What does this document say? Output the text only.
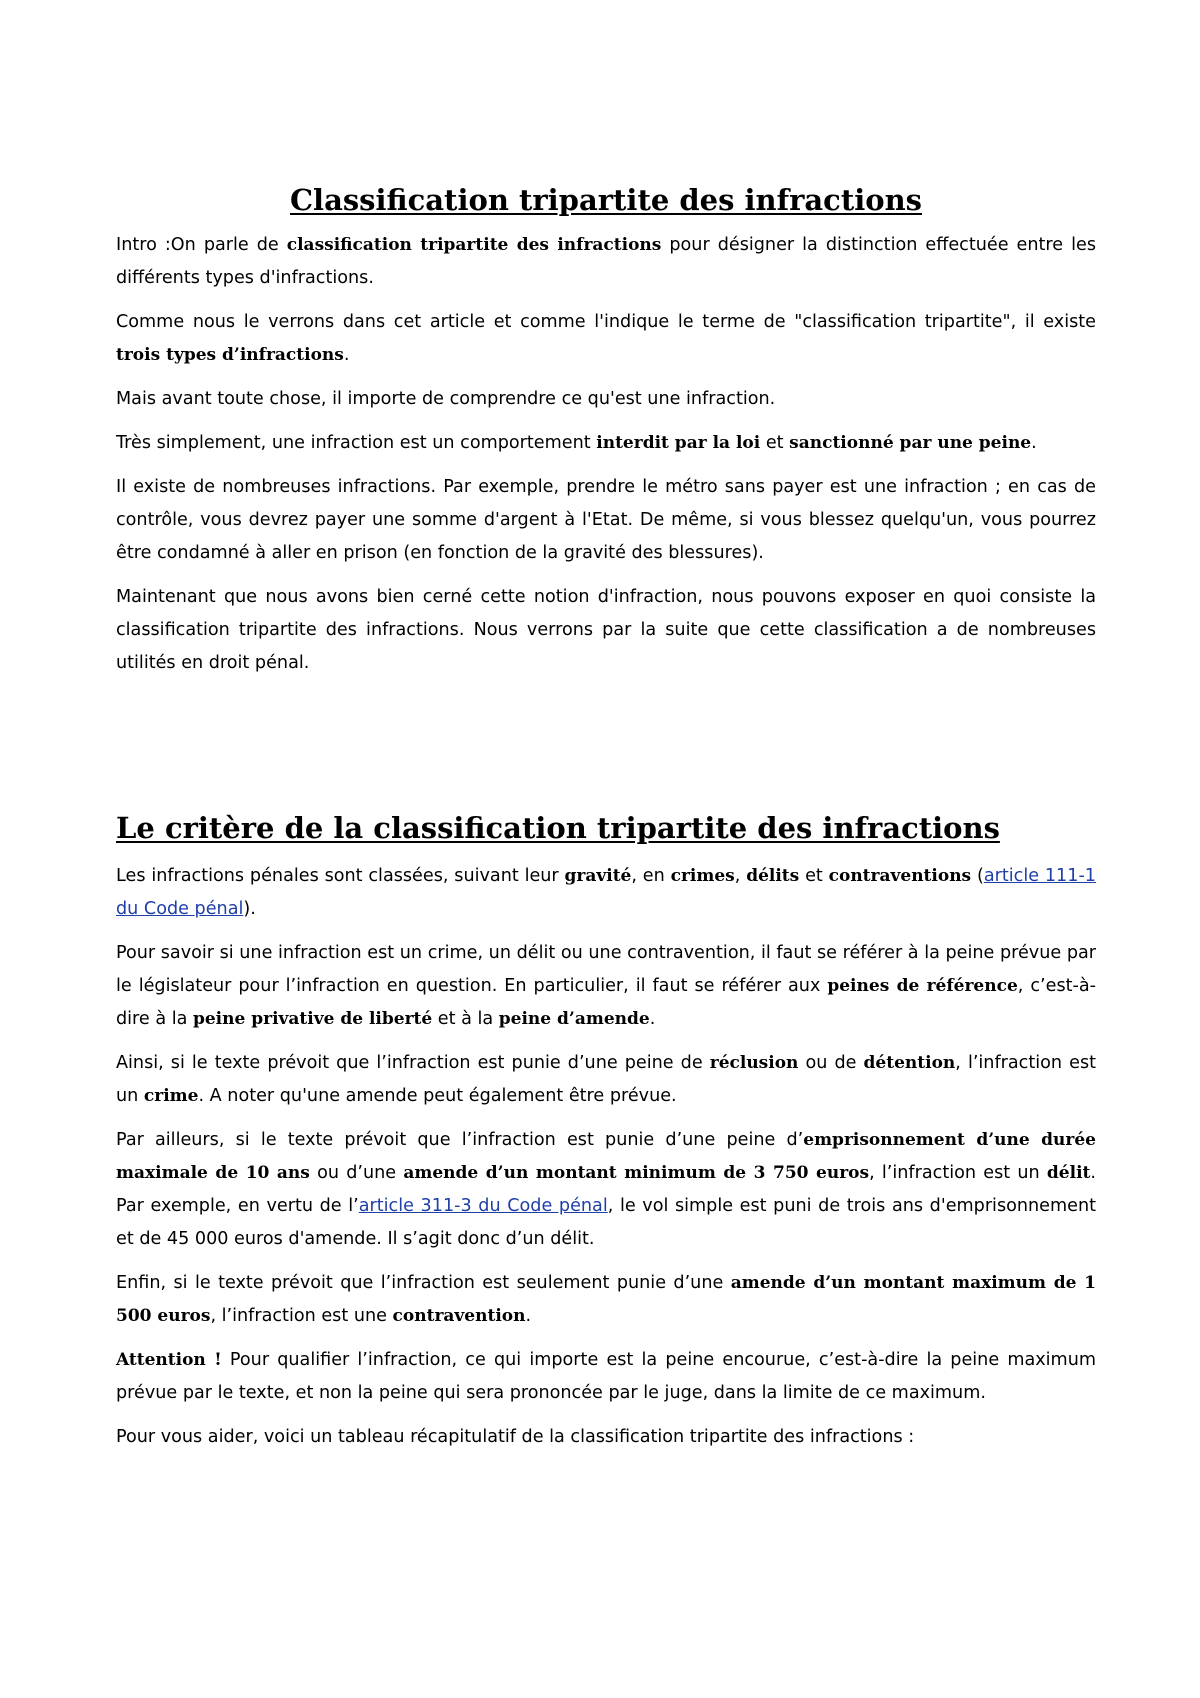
Classification tripartite des infractions

Intro :On parle de classification tripartite des infractions pour désigner la distinction effectuée entre les différents types d'infractions.

Comme nous le verrons dans cet article et comme l'indique le terme de "classification tripartite", il existe trois types d’infractions.

Mais avant toute chose, il importe de comprendre ce qu'est une infraction.

Très simplement, une infraction est un comportement interdit par la loi et sanctionné par une peine.

Il existe de nombreuses infractions. Par exemple, prendre le métro sans payer est une infraction ; en cas de contrôle, vous devrez payer une somme d'argent à l'Etat. De même, si vous blessez quelqu'un, vous pourrez être condamné à aller en prison (en fonction de la gravité des blessures).

Maintenant que nous avons bien cerné cette notion d'infraction, nous pouvons exposer en quoi consiste la classification tripartite des infractions. Nous verrons par la suite que cette classification a de nombreuses utilités en droit pénal.

Le critère de la classification tripartite des infractions

Les infractions pénales sont classées, suivant leur gravité, en crimes, délits et contraventions (article 111-1 du Code pénal).

Pour savoir si une infraction est un crime, un délit ou une contravention, il faut se référer à la peine prévue par le législateur pour l’infraction en question. En particulier, il faut se référer aux peines de référence, c’est-à-dire à la peine privative de liberté et à la peine d’amende.

Ainsi, si le texte prévoit que l’infraction est punie d’une peine de réclusion ou de détention, l’infraction est un crime. A noter qu'une amende peut également être prévue.

Par ailleurs, si le texte prévoit que l’infraction est punie d’une peine d’emprisonnement d’une durée maximale de 10 ans ou d’une amende d’un montant minimum de 3 750 euros, l’infraction est un délit. Par exemple, en vertu de l’article 311-3 du Code pénal, le vol simple est puni de trois ans d'emprisonnement et de 45 000 euros d'amende. Il s’agit donc d’un délit.

Enfin, si le texte prévoit que l’infraction est seulement punie d’une amende d’un montant maximum de 1 500 euros, l’infraction est une contravention.

Attention ! Pour qualifier l’infraction, ce qui importe est la peine encourue, c’est-à-dire la peine maximum prévue par le texte, et non la peine qui sera prononcée par le juge, dans la limite de ce maximum.

Pour vous aider, voici un tableau récapitulatif de la classification tripartite des infractions :
